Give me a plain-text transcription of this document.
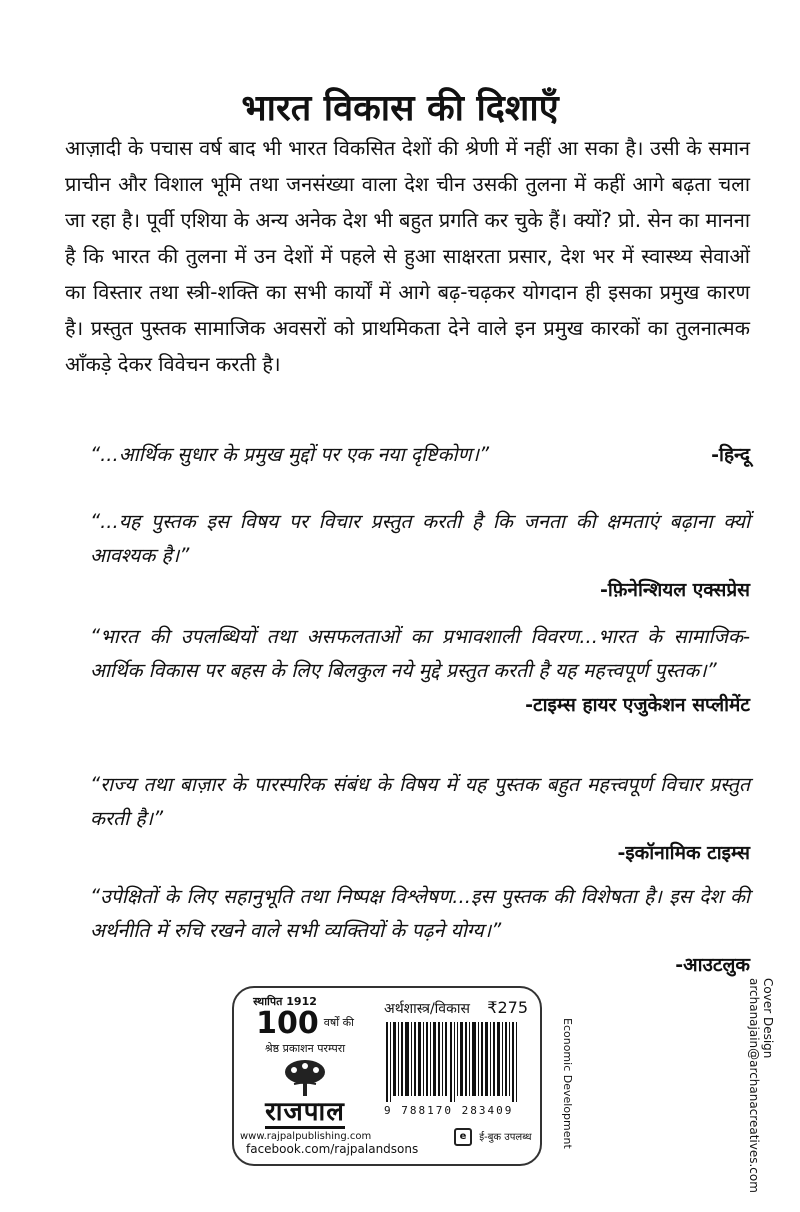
भारत विकास की दिशाएँ

आज़ादी के पचास वर्ष बाद भी भारत विकसित देशों की श्रेणी में नहीं आ सका है। उसी के समान प्राचीन और विशाल भूमि तथा जनसंख्या वाला देश चीन उसकी तुलना में कहीं आगे बढ़ता चला जा रहा है। पूर्वी एशिया के अन्य अनेक देश भी बहुत प्रगति कर चुके हैं। क्यों? प्रो. सेन का मानना है कि भारत की तुलना में उन देशों में पहले से हुआ साक्षरता प्रसार, देश भर में स्वास्थ्य सेवाओं का विस्तार तथा स्त्री-शक्ति का सभी कार्यों में आगे बढ़-चढ़कर योगदान ही इसका प्रमुख कारण है। प्रस्तुत पुस्तक सामाजिक अवसरों को प्राथमिकता देने वाले इन प्रमुख कारकों का तुलनात्मक आँकड़े देकर विवेचन करती है।

-हिन्दू
“...आर्थिक सुधार के प्रमुख मुद्दों पर एक नया दृष्टिकोण।”
“...यह पुस्तक इस विषय पर विचार प्रस्तुत करती है कि जनता की क्षमताएं बढ़ाना क्यों आवश्यक है।”
-फ़िनेन्शियल एक्सप्रेस
“भारत की उपलब्धियों तथा असफलताओं का प्रभावशाली विवरण...भारत के सामाजिक-आर्थिक विकास पर बहस के लिए बिलकुल नये मुद्दे प्रस्तुत करती है यह महत्त्वपूर्ण पुस्तक।”
-टाइम्स हायर एजुकेशन सप्लीमेंट
“राज्य तथा बाज़ार के पारस्परिक संबंध के विषय में यह पुस्तक बहुत महत्त्वपूर्ण विचार प्रस्तुत करती है।”
-इकॉनामिक टाइम्स
“उपेक्षितों के लिए सहानुभूति तथा निष्पक्ष विश्लेषण...इस पुस्तक की विशेषता है। इस देश की अर्थनीति में रुचि रखने वाले सभी व्यक्तियों के पढ़ने योग्य।”
-आउटलुक
स्थापित 1912
100 वर्षों की
श्रेष्ठ प्रकाशन परम्परा
राजपाल
www.rajpalpublishing.com
facebook.com/rajpalandsons
अर्थशास्त्र/विकास ₹275
9 788170 283409
e ई-बुक उपलब्ध	Economic Development	Cover Design
archanajain@archanacreatives.com
